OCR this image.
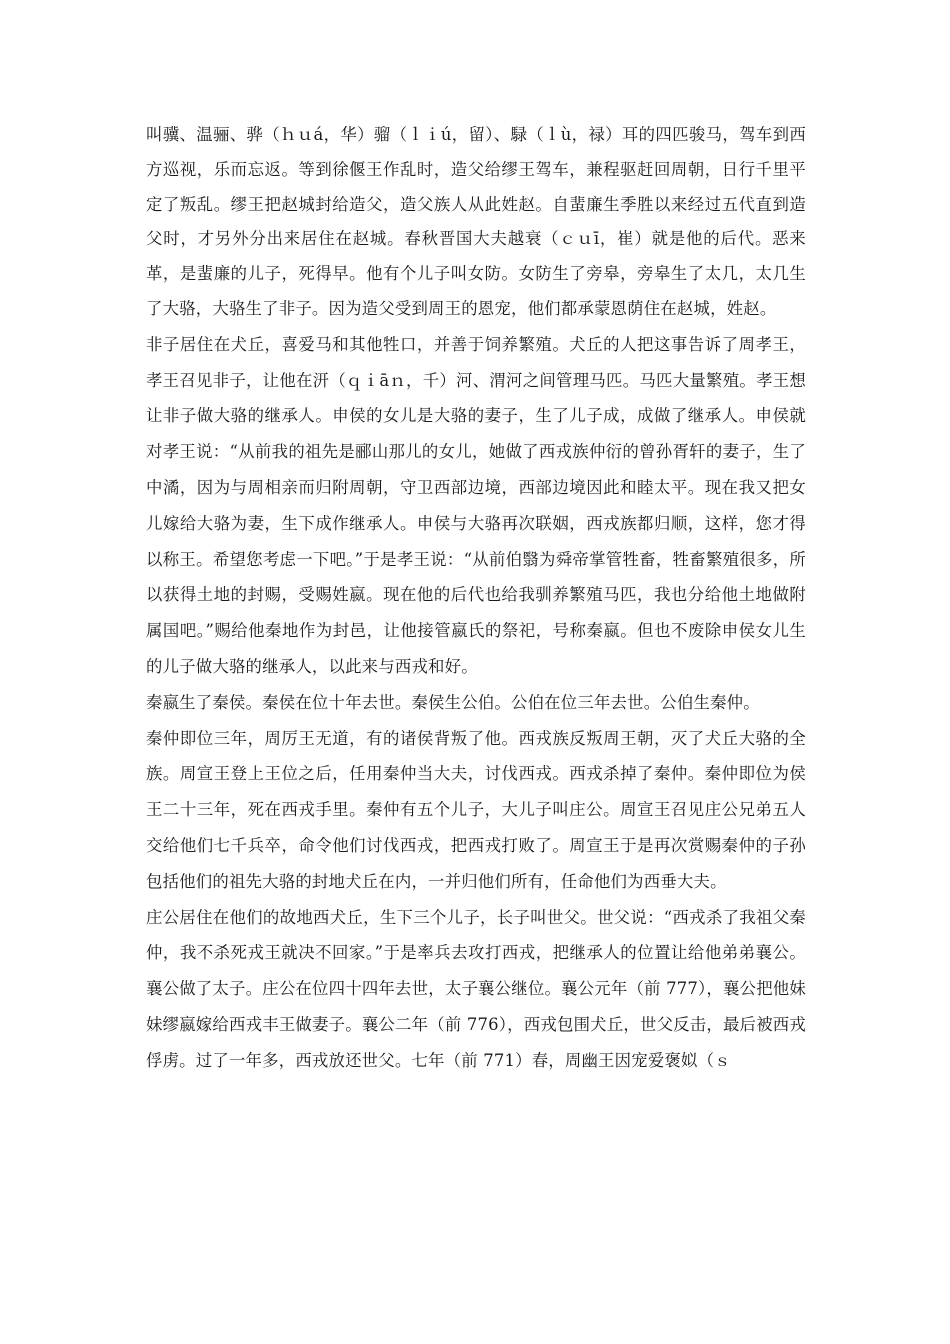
叫骥、温骊、骅（ｈｕá，华）骝（ｌｉú，留）、騄（ｌù，禄）耳的四匹骏马，驾车到西方巡视，乐而忘返。等到徐偃王作乱时，造父给缪王驾车，兼程驱赶回周朝，日行千里平定了叛乱。缪王把赵城封给造父，造父族人从此姓赵。自蜚廉生季胜以来经过五代直到造父时，才另外分出来居住在赵城。春秋晋国大夫越衰（ｃｕī，崔）就是他的后代。恶来革，是蜚廉的儿子，死得早。他有个儿子叫女防。女防生了旁皋，旁皋生了太几，太几生了大骆，大骆生了非子。因为造父受到周王的恩宠，他们都承蒙恩荫住在赵城，姓赵。

非子居住在犬丘，喜爱马和其他牲口，并善于饲养繁殖。犬丘的人把这事告诉了周孝王，孝王召见非子，让他在汧（ｑｉāｎ，千）河、渭河之间管理马匹。马匹大量繁殖。孝王想让非子做大骆的继承人。申侯的女儿是大骆的妻子，生了儿子成，成做了继承人。申侯就对孝王说：“从前我的祖先是郦山那儿的女儿，她做了西戎族仲衍的曾孙胥轩的妻子，生了中潏，因为与周相亲而归附周朝，守卫西部边境，西部边境因此和睦太平。现在我又把女儿嫁给大骆为妻，生下成作继承人。申侯与大骆再次联姻，西戎族都归顺，这样，您才得以称王。希望您考虑一下吧。”于是孝王说：“从前伯翳为舜帝掌管牲畜，牲畜繁殖很多，所以获得土地的封赐，受赐姓嬴。现在他的后代也给我驯养繁殖马匹，我也分给他土地做附属国吧。”赐给他秦地作为封邑，让他接管嬴氏的祭祀，号称秦嬴。但也不废除申侯女儿生的儿子做大骆的继承人，以此来与西戎和好。

秦嬴生了秦侯。秦侯在位十年去世。秦侯生公伯。公伯在位三年去世。公伯生秦仲。

秦仲即位三年，周厉王无道，有的诸侯背叛了他。西戎族反叛周王朝，灭了犬丘大骆的全族。周宣王登上王位之后，任用秦仲当大夫，讨伐西戎。西戎杀掉了秦仲。秦仲即位为侯王二十三年，死在西戎手里。秦仲有五个儿子，大儿子叫庄公。周宣王召见庄公兄弟五人交给他们七千兵卒，命令他们讨伐西戎，把西戎打败了。周宣王于是再次赏赐秦仲的子孙包括他们的祖先大骆的封地犬丘在内，一并归他们所有，任命他们为西垂大夫。

庄公居住在他们的故地西犬丘，生下三个儿子，长子叫世父。世父说：“西戎杀了我祖父秦仲，我不杀死戎王就决不回家。”于是率兵去攻打西戎，把继承人的位置让给他弟弟襄公。襄公做了太子。庄公在位四十四年去世，太子襄公继位。襄公元年（前 777），襄公把他妹妹缪嬴嫁给西戎丰王做妻子。襄公二年（前 776），西戎包围犬丘，世父反击，最后被西戎俘虏。过了一年多，西戎放还世父。七年（前 771）春，周幽王因宠爱褒姒（ｓ
